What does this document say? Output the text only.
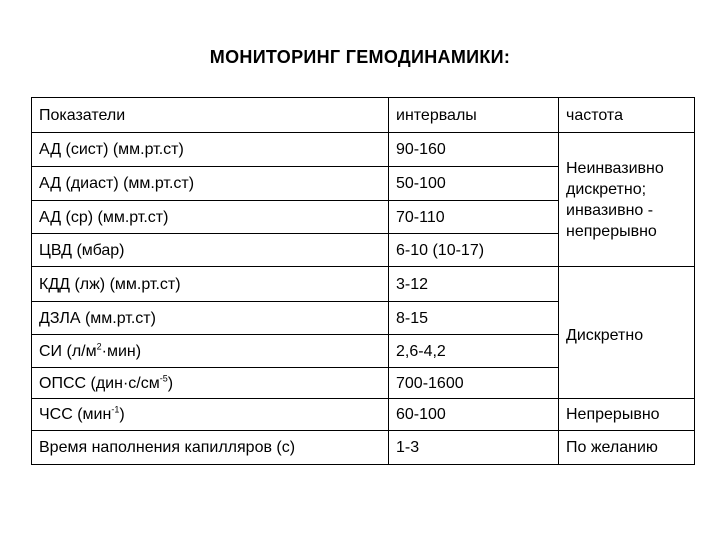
МОНИТОРИНГ ГЕМОДИНАМИКИ:
Показатели	интервалы	частота
АД (сист) (мм.рт.ст)	90-160	Неинвазивно
дискретно;
инвазивно -
непрерывно

АД (диаст) (мм.рт.ст)	50-100	
АД (ср) (мм.рт.ст)	70-110	
ЦВД (мбар)	6-10 (10-17)	
КДД (лж) (мм.рт.ст)	3-12	Дискретно
ДЗЛА (мм.рт.ст)	8-15	
СИ $(л/м^2\cdot мин)$	2,6-4,2	
ОПСС $(дин\cdot с/см^{-5})$	700-1600	
ЧСС (мин$^{-1}$)	60-100	Непрерывно
Время наполнения капилляров (с)	1-3	По желанию
